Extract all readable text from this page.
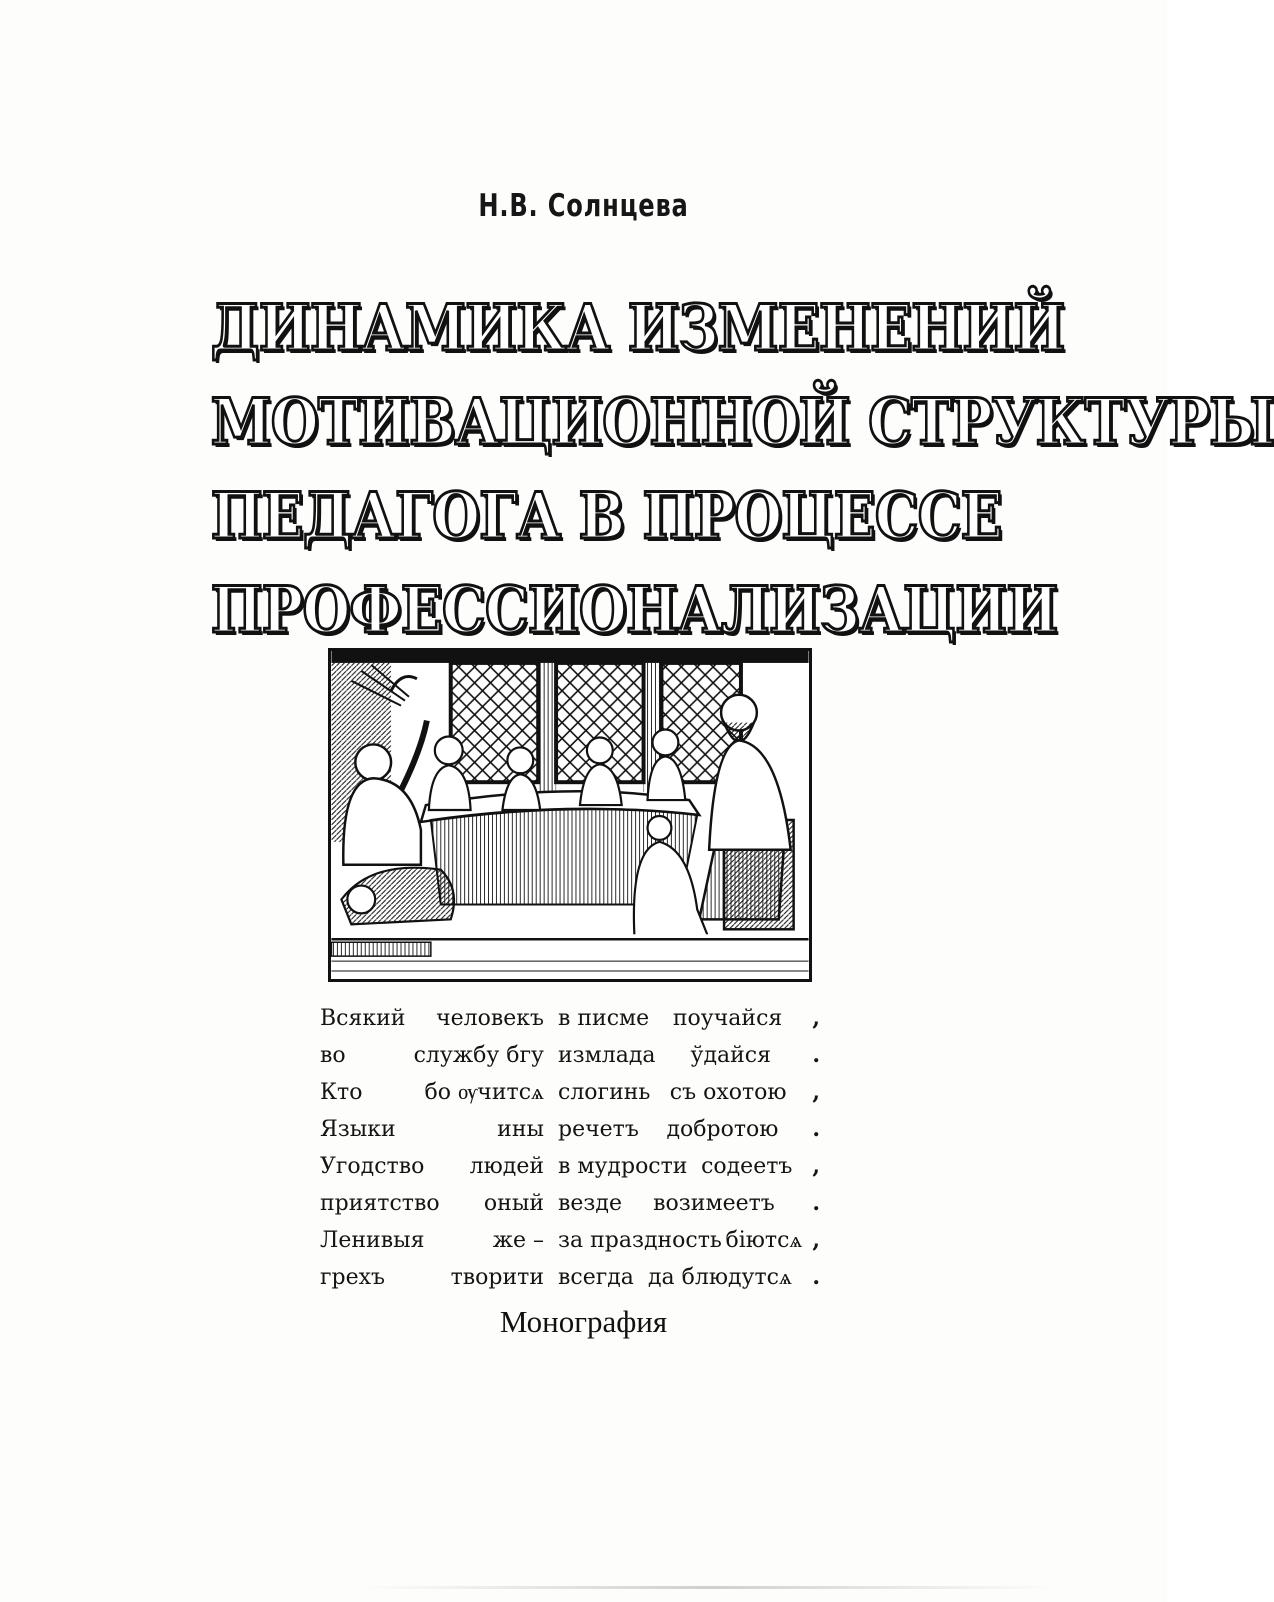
Н.В. Солнцева
ДИНАМИКА ИЗМЕНЕНИЙ
МОТИВАЦИОННОЙ СТРУКТУРЫ
ПЕДАГОГА В ПРОЦЕССЕ
ПРОФЕССИОНАЛИЗАЦИИ
Всякий человекъ в писме поучайся ,
во	службу бгу измлада ўдайся .
Кто	бо ѹчитсѧ слогинь съ охотою ,
Языки	ины речетъ добротою .
Угодство людей в мудрости содеетъ ,
приятство оный везде возимеетъ .
Ленивыя	же – за праздность біютсѧ ,
грехъ	творити всегда да блюдутсѧ .
Монография
